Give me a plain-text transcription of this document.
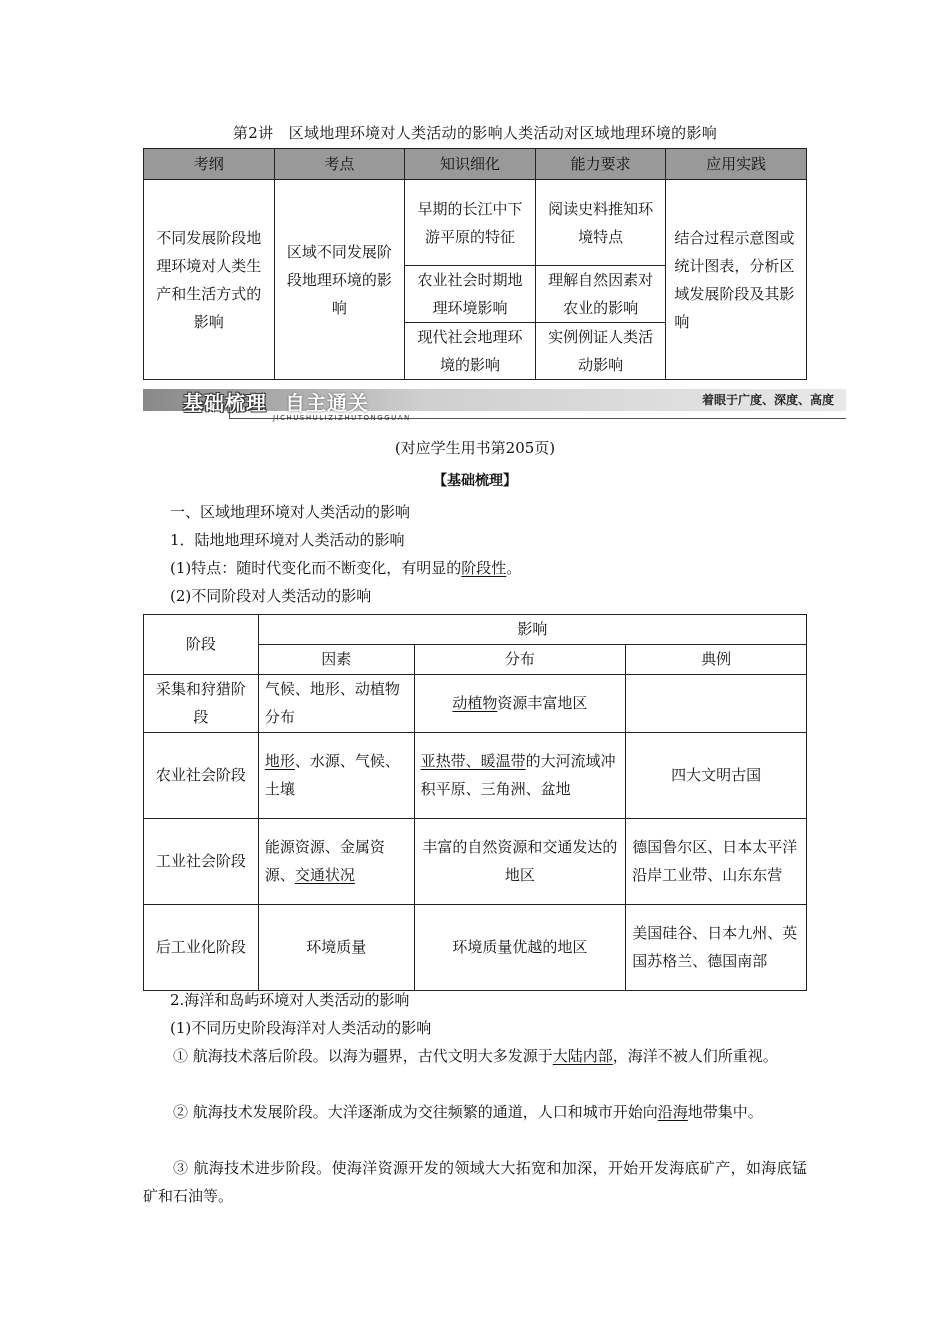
第2讲　区域地理环境对人类活动的影响人类活动对区域地理环境的影响
考纲	考点	知识细化	能力要求	应用实践
不同发展阶段地理环境对人类生产和生活方式的影响	区域不同发展阶段地理环境的影响	早期的长江中下游平原的特征	阅读史料推知环境特点	结合过程示意图或统计图表，分析区域发展阶段及其影响
		农业社会时期地理环境影响	理解自然因素对农业的影响	
		现代社会地理环境的影响	实例例证人类活动影响	
基础梳理 自主通关
JICHUSHULIZIZHUTONGGUAN
着眼于广度、深度、高度
(对应学生用书第205页)
【基础梳理】
一、区域地理环境对人类活动的影响
1．陆地地理环境对人类活动的影响
(1)特点：随时代变化而不断变化，有明显的阶段性。
(2)不同阶段对人类活动的影响
阶段	影响		
	因素	分布	典例
采集和狩猎阶段	气候、地形、动植物分布	动植物资源丰富地区	
农业社会阶段	地形、水源、气候、土壤	亚热带、暖温带的大河流域冲积平原、三角洲、盆地	四大文明古国
工业社会阶段	能源资源、金属资源、交通状况	丰富的自然资源和交通发达的地区	德国鲁尔区、日本太平洋沿岸工业带、山东东营
后工业化阶段	环境质量	环境质量优越的地区	美国硅谷、日本九州、英国苏格兰、德国南部
2.海洋和岛屿环境对人类活动的影响
(1)不同历史阶段海洋对人类活动的影响
① 航海技术落后阶段。以海为疆界，古代文明大多发源于大陆内部，海洋不被人们所重视。
② 航海技术发展阶段。大洋逐渐成为交往频繁的通道，人口和城市开始向沿海地带集中。
③ 航海技术进步阶段。使海洋资源开发的领域大大拓宽和加深，开始开发海底矿产，如海底锰矿和石油等。
